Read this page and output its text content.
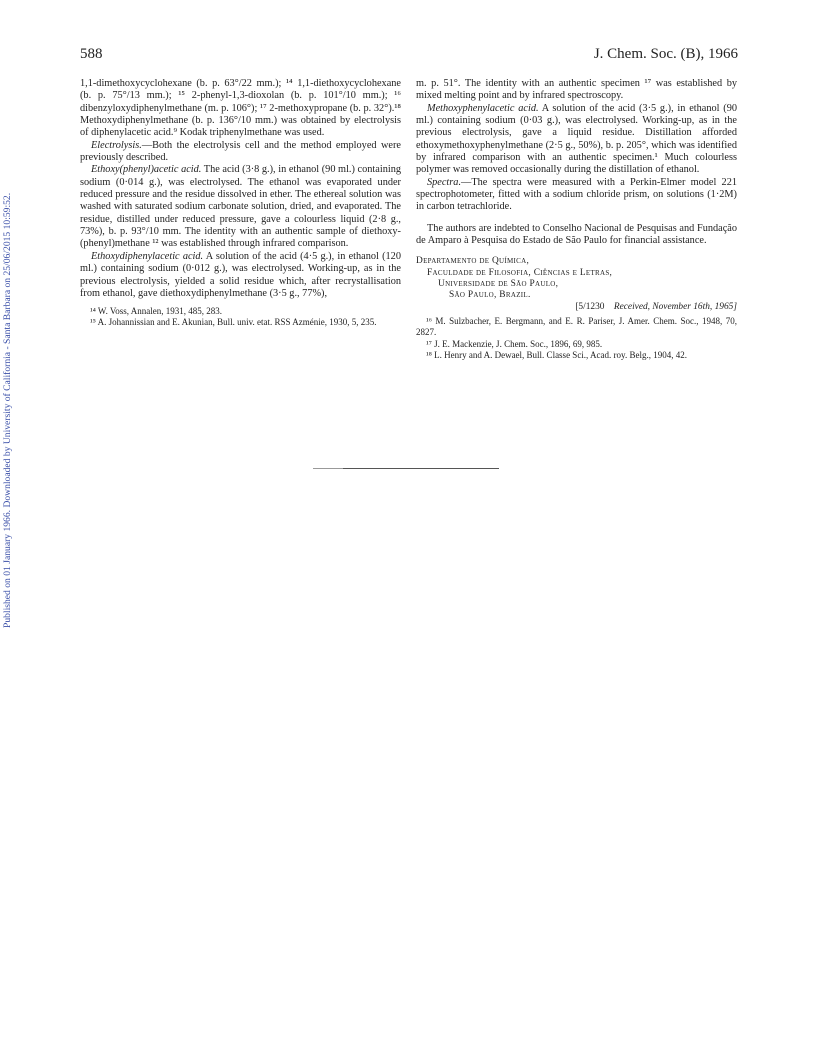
Published on 01 January 1966. Downloaded by University of California - Santa Barbara on 25/06/2015 10:59:52.
588	J. Chem. Soc. (B), 1966

1,1-dimethoxycyclohexane (b. p. 63°/22 mm.); ¹⁴ 1,1-diethoxycyclohexane (b. p. 75°/13 mm.); ¹⁵ 2-phenyl-1,3-dioxolan (b. p. 101°/10 mm.); ¹⁶ dibenzyloxydiphenylmethane (m. p. 106°); ¹⁷ 2-methoxypropane (b. p. 32°).¹⁸ Methoxydiphenylmethane (b. p. 136°/10 mm.) was obtained by electrolysis of diphenylacetic acid.⁹ Kodak triphenylmethane was used.

Electrolysis.—Both the electrolysis cell and the method employed were previously described.

Ethoxy(phenyl)acetic acid. The acid (3·8 g.), in ethanol (90 ml.) containing sodium (0·014 g.), was electrolysed. The ethanol was evaporated under reduced pressure and the residue dissolved in ether. The ethereal solution was washed with saturated sodium carbonate solution, dried, and evaporated. The residue, distilled under reduced pressure, gave a colourless liquid (2·8 g., 73%), b. p. 93°/10 mm. The identity with an authentic sample of diethoxy-(phenyl)methane ¹² was established through infrared comparison.

Ethoxydiphenylacetic acid. A solution of the acid (4·5 g.), in ethanol (120 ml.) containing sodium (0·012 g.), was electrolysed. Working-up, as in the previous electrolysis, yielded a solid residue which, after recrystallisation from ethanol, gave diethoxydiphenylmethane (3·5 g., 77%),

¹⁴ W. Voss, Annalen, 1931, 485, 283.

¹⁵ A. Johannissian and E. Akunian, Bull. univ. etat. RSS Azménie, 1930, 5, 235.

m. p. 51°. The identity with an authentic specimen ¹⁷ was established by mixed melting point and by infrared spectroscopy.

Methoxyphenylacetic acid. A solution of the acid (3·5 g.), in ethanol (90 ml.) containing sodium (0·03 g.), was electrolysed. Working-up, as in the previous electrolysis, gave a liquid residue. Distillation afforded ethoxymethoxyphenylmethane (2·5 g., 50%), b. p. 205°, which was identified by infrared comparison with an authentic specimen.¹ Much colourless polymer was removed occasionally during the distillation of ethanol.

Spectra.—The spectra were measured with a Perkin-Elmer model 221 spectrophotometer, fitted with a sodium chloride prism, on solutions (1·2M) in carbon tetrachloride.

The authors are indebted to Conselho Nacional de Pesquisas and Fundação de Amparo à Pesquisa do Estado de São Paulo for financial assistance.

Departamento de Química,
Faculdade de Filosofia, Ciências e Letras,
Universidade de São Paulo,
São Paulo, Brazil.
[5/1230 Received, November 16th, 1965]

¹⁶ M. Sulzbacher, E. Bergmann, and E. R. Pariser, J. Amer. Chem. Soc., 1948, 70, 2827.

¹⁷ J. E. Mackenzie, J. Chem. Soc., 1896, 69, 985.

¹⁸ L. Henry and A. Dewael, Bull. Classe Sci., Acad. roy. Belg., 1904, 42.
